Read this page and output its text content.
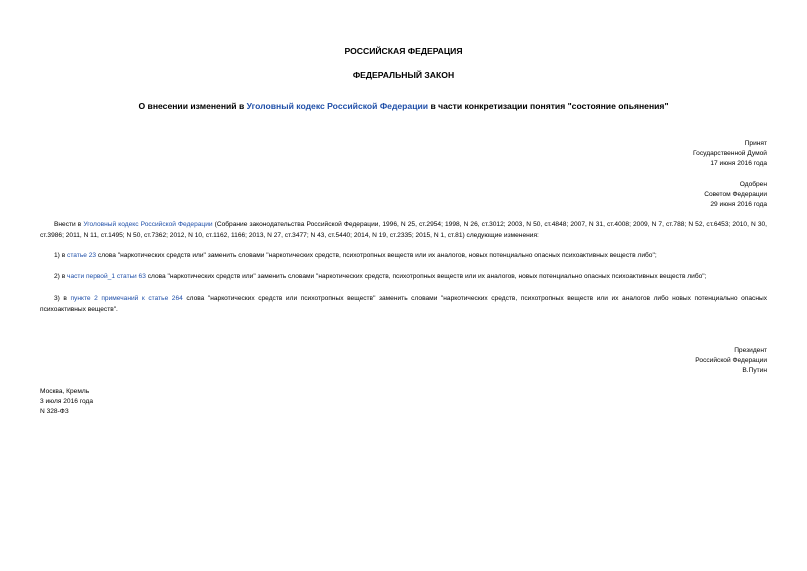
РОССИЙСКАЯ ФЕДЕРАЦИЯ
ФЕДЕРАЛЬНЫЙ ЗАКОН
О внесении изменений в Уголовный кодекс Российской Федерации в части конкретизации понятия "состояние опьянения"
Принят
Государственной Думой
17 июня 2016 года
Одобрен
Советом Федерации
29 июня 2016 года
Внести в Уголовный кодекс Российской Федерации (Собрание законодательства Российской Федерации, 1996, N 25, ст.2954; 1998, N 26, ст.3012; 2003, N 50, ст.4848; 2007, N 31, ст.4008; 2009, N 7, ст.788; N 52, ст.6453; 2010, N 30, ст.3986; 2011, N 11, ст.1495; N 50, ст.7362; 2012, N 10, ст.1162, 1166; 2013, N 27, ст.3477; N 43, ст.5440; 2014, N 19, ст.2335; 2015, N 1, ст.81) следующие изменения:
1) в статье 23 слова "наркотических средств или" заменить словами "наркотических средств, психотропных веществ или их аналогов, новых потенциально опасных психоактивных веществ либо";
2) в части первой_1 статьи 63 слова "наркотических средств или" заменить словами "наркотических средств, психотропных веществ или их аналогов, новых потенциально опасных психоактивных веществ либо";
3) в пункте 2 примечаний к статье 264 слова "наркотических средств или психотропных веществ" заменить словами "наркотических средств, психотропных веществ или их аналогов либо новых потенциально опасных психоактивных веществ".
Президент
Российской Федерации
В.Путин
Москва, Кремль
3 июля 2016 года
N 328-ФЗ
